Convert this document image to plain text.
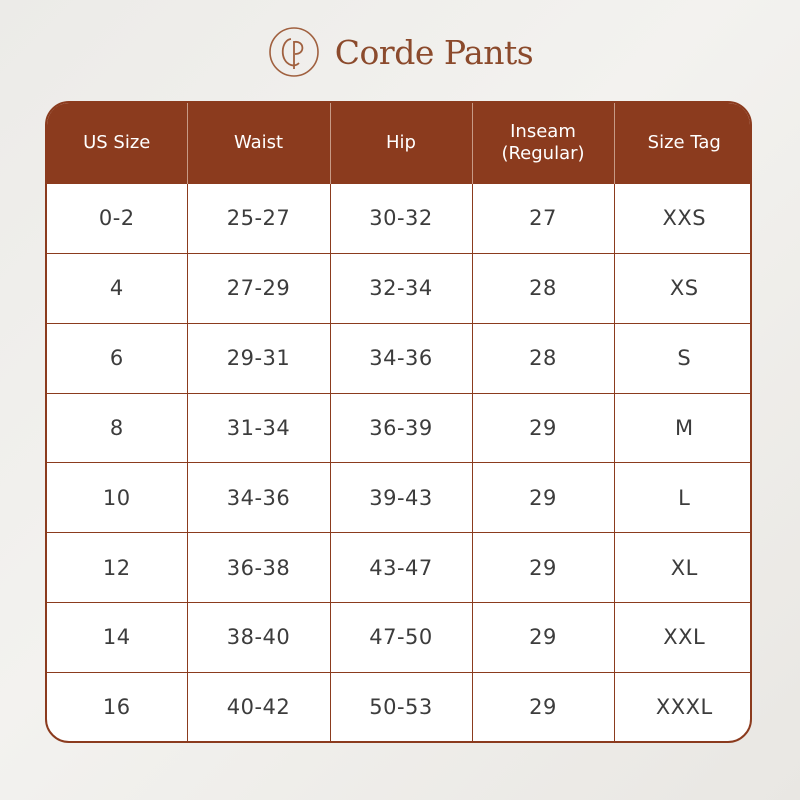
Corde Pants
US Size	Waist	Hip	Inseam (Regular)	Size Tag
0-2	25-27	30-32	27	XXS
4	27-29	32-34	28	XS
6	29-31	34-36	28	S
8	31-34	36-39	29	M
10	34-36	39-43	29	L
12	36-38	43-47	29	XL
14	38-40	47-50	29	XXL
16	40-42	50-53	29	XXXL
